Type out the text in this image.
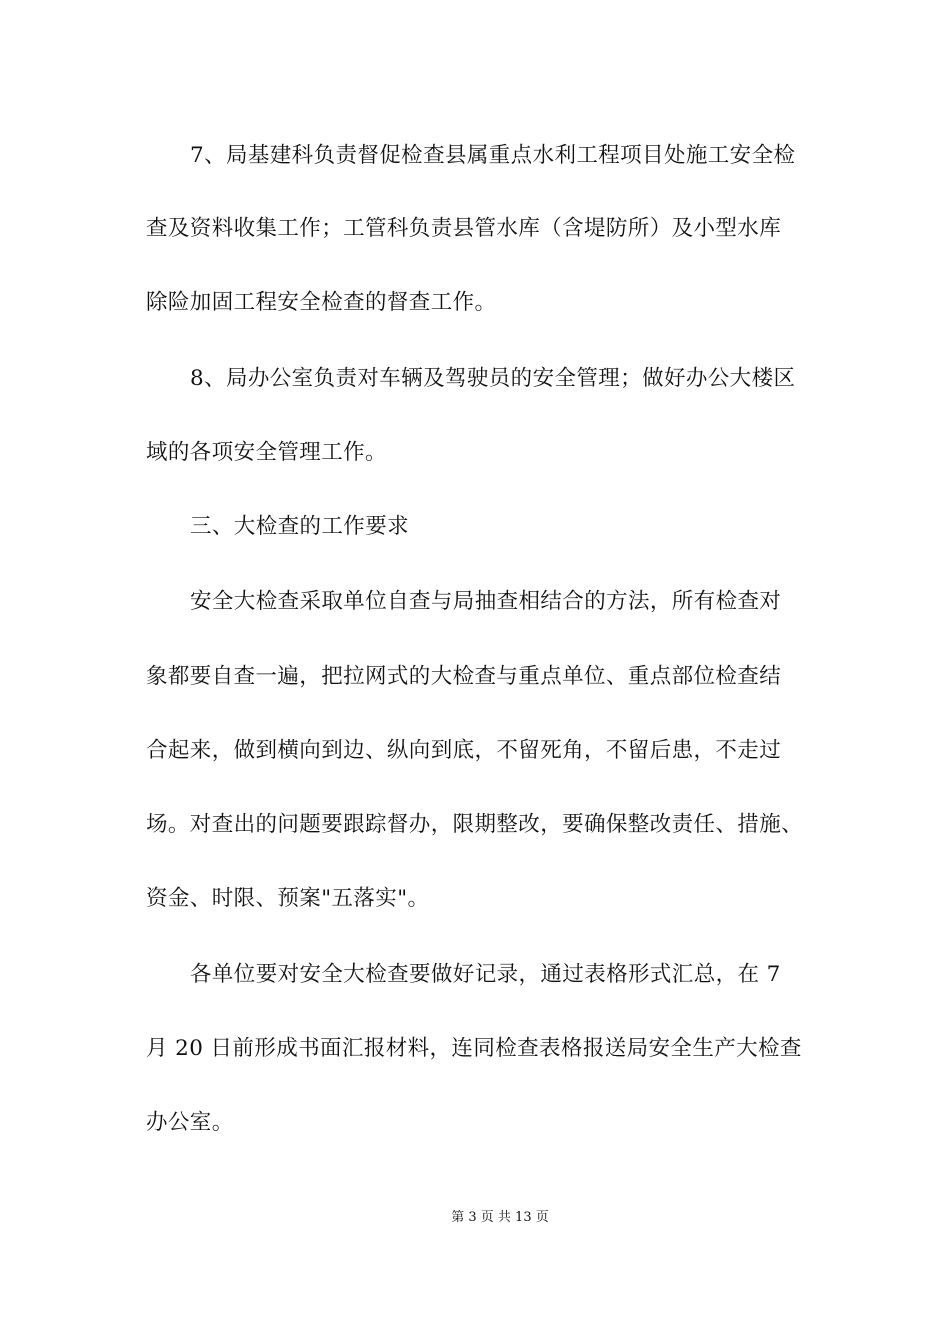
7、局基建科负责督促检查县属重点水利工程项目处施工安全检
查及资料收集工作；工管科负责县管水库（含堤防所）及小型水库
除险加固工程安全检查的督查工作。
8、局办公室负责对车辆及驾驶员的安全管理；做好办公大楼区
域的各项安全管理工作。
三、大检查的工作要求
安全大检查采取单位自查与局抽查相结合的方法，所有检查对
象都要自查一遍，把拉网式的大检查与重点单位、重点部位检查结
合起来，做到横向到边、纵向到底，不留死角，不留后患，不走过
场。对查出的问题要跟踪督办，限期整改，要确保整改责任、措施、
资金、时限、预案"五落实"。
各单位要对安全大检查要做好记录，通过表格形式汇总，在 7
月 20 日前形成书面汇报材料，连同检查表格报送局安全生产大检查
办公室。
第 3 页 共 13 页
